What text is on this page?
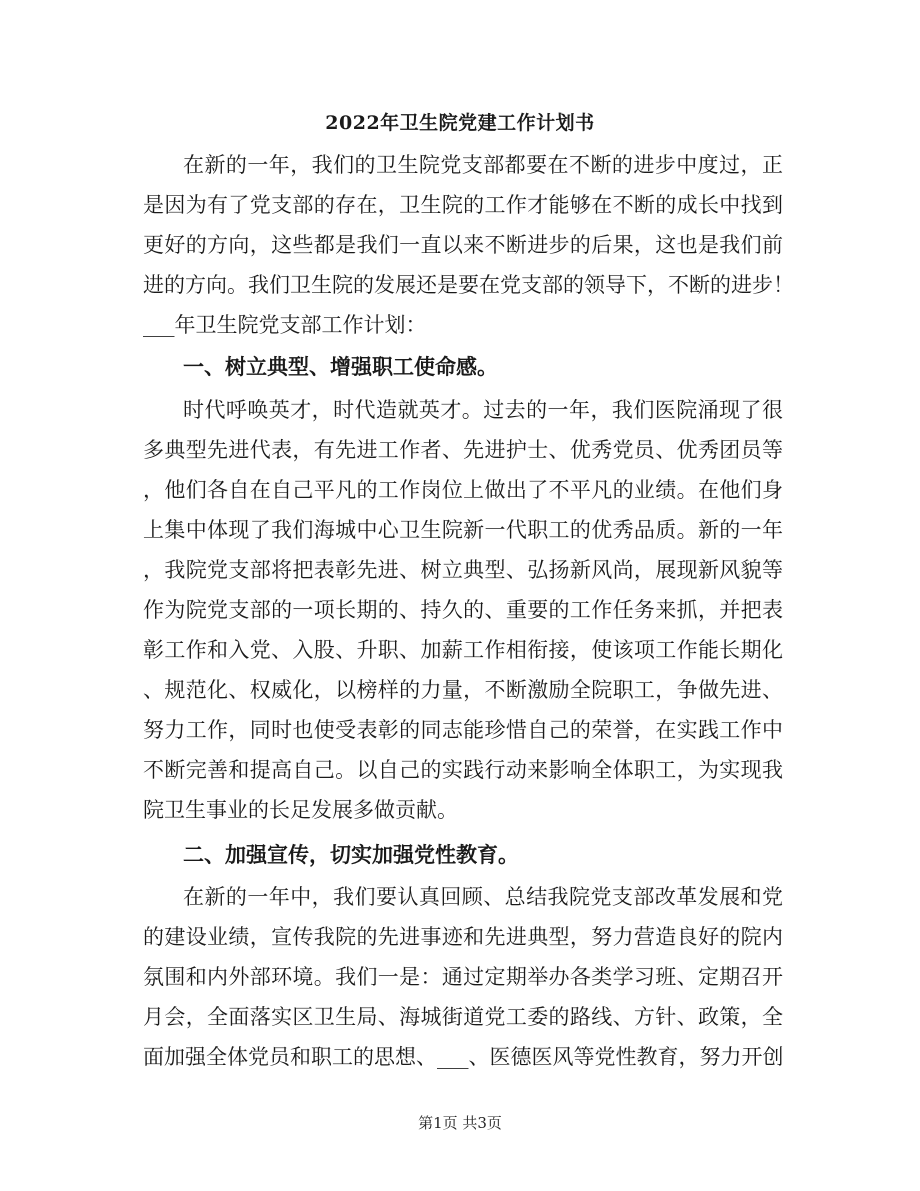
2022年卫生院党建工作计划书
在新的一年，我们的卫生院党支部都要在不断的进步中度过，正
是因为有了党支部的存在，卫生院的工作才能够在不断的成长中找到
更好的方向，这些都是我们一直以来不断进步的后果，这也是我们前
进的方向。我们卫生院的发展还是要在党支部的领导下，不断的进步！
___年卫生院党支部工作计划：
一、树立典型、增强职工使命感。
时代呼唤英才，时代造就英才。过去的一年，我们医院涌现了很
多典型先进代表，有先进工作者、先进护士、优秀党员、优秀团员等
，他们各自在自己平凡的工作岗位上做出了不平凡的业绩。在他们身
上集中体现了我们海城中心卫生院新一代职工的优秀品质。新的一年
，我院党支部将把表彰先进、树立典型、弘扬新风尚，展现新风貌等
作为院党支部的一项长期的、持久的、重要的工作任务来抓，并把表
彰工作和入党、入股、升职、加薪工作相衔接，使该项工作能长期化
、规范化、权威化，以榜样的力量，不断激励全院职工，争做先进、
努力工作，同时也使受表彰的同志能珍惜自己的荣誉，在实践工作中
不断完善和提高自己。以自己的实践行动来影响全体职工，为实现我
院卫生事业的长足发展多做贡献。
二、加强宣传，切实加强党性教育。
在新的一年中，我们要认真回顾、总结我院党支部改革发展和党
的建设业绩，宣传我院的先进事迹和先进典型，努力营造良好的院内
氛围和内外部环境。我们一是：通过定期举办各类学习班、定期召开
月会，全面落实区卫生局、海城街道党工委的路线、方针、政策，全
面加强全体党员和职工的思想、___、医德医风等党性教育，努力开创
第1页 共3页
